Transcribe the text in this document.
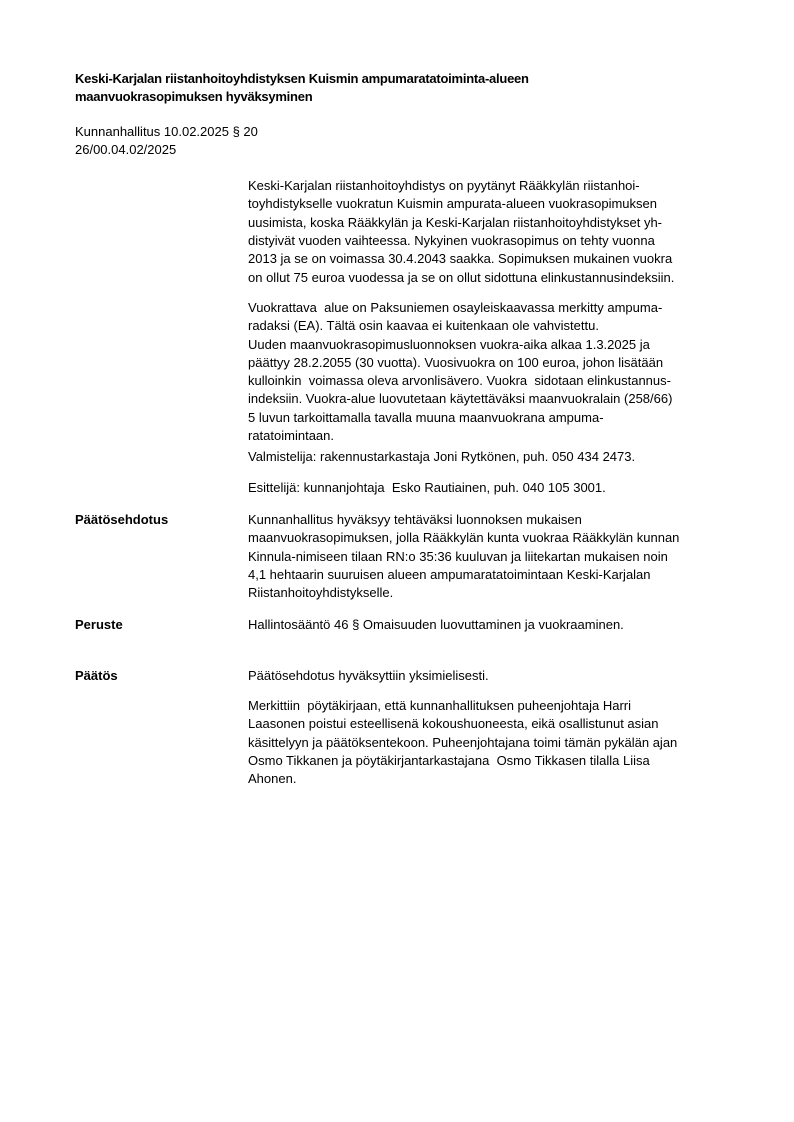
Keski-Karjalan riistanhoitoyhdistyksen Kuismin ampumaratatoiminta-alueen
maanvuokrasopimuksen hyväksyminen
Kunnanhallitus 10.02.2025 § 20
26/00.04.02/2025
Keski-Karjalan riistanhoitoyhdistys on pyytänyt Rääkkylän riistanhoi-
toyhdistykselle vuokratun Kuismin ampurata-alueen vuokrasopimuksen
uusimista, koska Rääkkylän ja Keski-Karjalan riistanhoitoyhdistykset yh-
distyivät vuoden vaihteessa. Nykyinen vuokrasopimus on tehty vuonna
2013 ja se on voimassa 30.4.2043 saakka. Sopimuksen mukainen vuokra
on ollut 75 euroa vuodessa ja se on ollut sidottuna elinkustannusindeksiin.
Vuokrattava  alue on Paksuniemen osayleiskaavassa merkitty ampuma-
radaksi (EA). Tältä osin kaavaa ei kuitenkaan ole vahvistettu.
Uuden maanvuokrasopimusluonnoksen vuokra-aika alkaa 1.3.2025 ja
päättyy 28.2.2055 (30 vuotta). Vuosivuokra on 100 euroa, johon lisätään
kulloinkin  voimassa oleva arvonlisävero. Vuokra  sidotaan elinkustannus-
indeksiin. Vuokra-alue luovutetaan käytettäväksi maanvuokralain (258/66)
5 luvun tarkoittamalla tavalla muuna maanvuokrana ampuma-
ratatoimintaan.
Valmistelija: rakennustarkastaja Joni Rytkönen, puh. 050 434 2473.
Esittelijä: kunnanjohtaja  Esko Rautiainen, puh. 040 105 3001.
Päätösehdotus	Kunnanhallitus hyväksyy tehtäväksi luonnoksen mukaisen
maanvuokrasopimuksen, jolla Rääkkylän kunta vuokraa Rääkkylän kunnan
Kinnula-nimiseen tilaan RN:o 35:36 kuuluvan ja liitekartan mukaisen noin
4,1 hehtaarin suuruisen alueen ampumaratatoimintaan Keski-Karjalan
Riistanhoitoyhdistykselle.
Peruste	Hallintosääntö 46 § Omaisuuden luovuttaminen ja vuokraaminen.
Päätös	Päätösehdotus hyväksyttiin yksimielisesti.
Merkittiin  pöytäkirjaan, että kunnanhallituksen puheenjohtaja Harri
Laasonen poistui esteellisenä kokoushuoneesta, eikä osallistunut asian
käsittelyyn ja päätöksentekoon. Puheenjohtajana toimi tämän pykälän ajan
Osmo Tikkanen ja pöytäkirjantarkastajana  Osmo Tikkasen tilalla Liisa
Ahonen.
